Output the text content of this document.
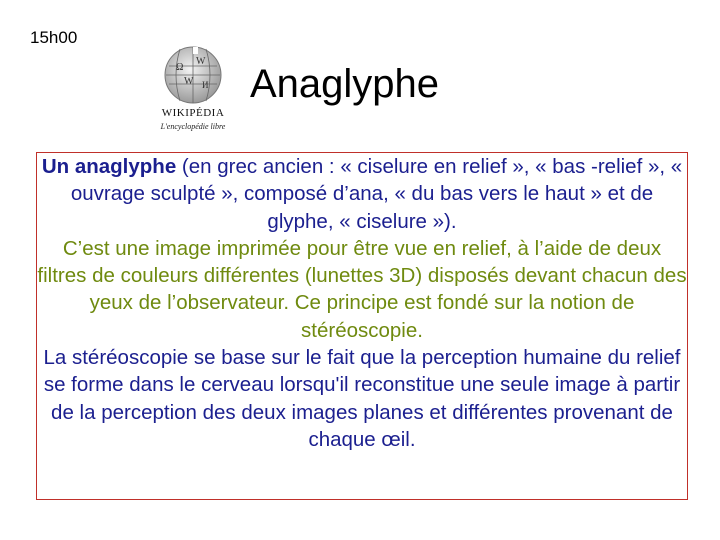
15h00
Ω
W
W И
WIKIPÉDIA
L'encyclopédie libre
Anaglyphe
Un anaglyphe (en grec ancien : « ciselure en relief », « bas -relief », « ouvrage sculpté », composé d’ana, « du bas vers le haut » et de glyphe, « ciselure »).
C’est une image imprimée pour être vue en relief, à l’aide de deux filtres de couleurs différentes (lunettes 3D) disposés devant chacun des yeux de l’observateur. Ce principe est fondé sur la notion de stéréoscopie.
La stéréoscopie se base sur le fait que la perception humaine du relief se forme dans le cerveau lorsqu'il reconstitue une seule image à partir de la perception des deux images planes et différentes provenant de chaque œil.
